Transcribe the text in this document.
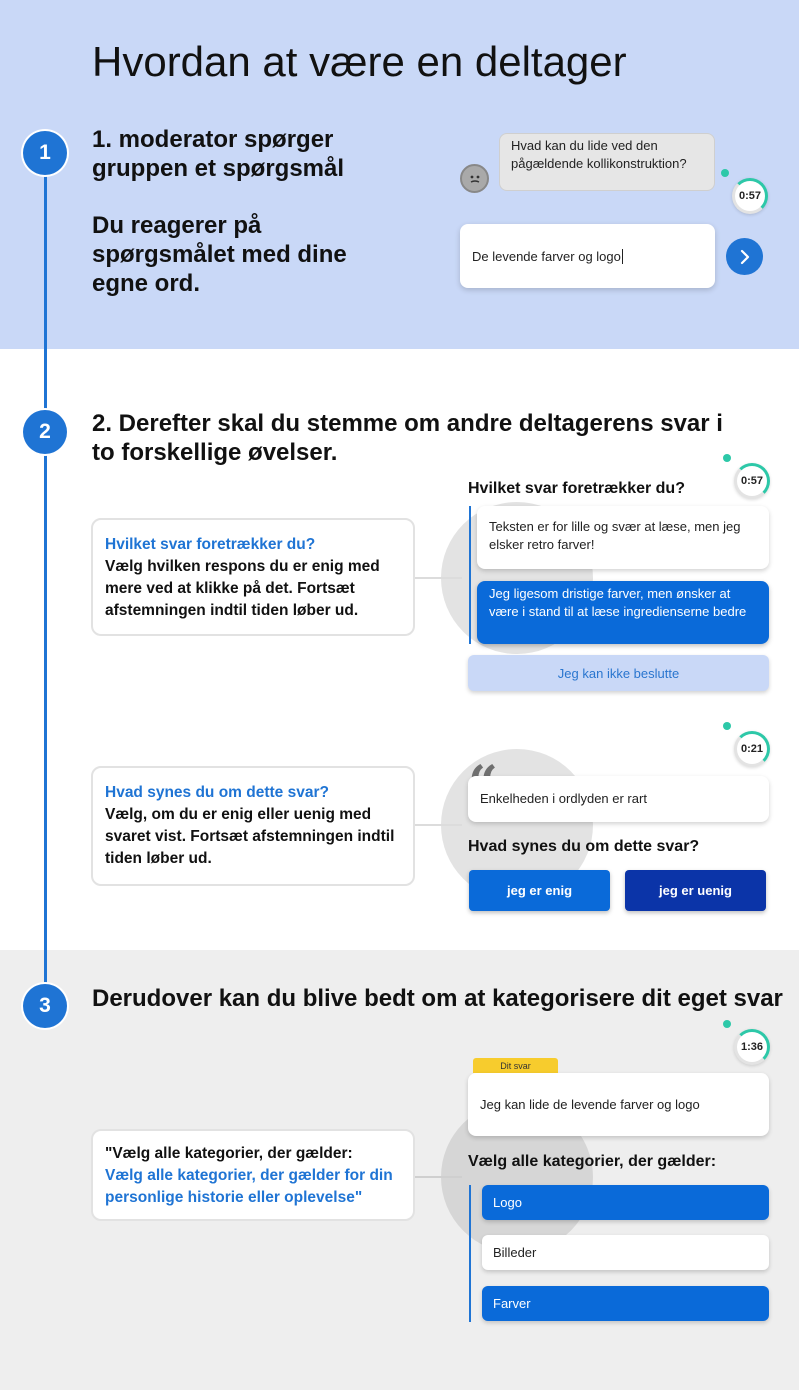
1
2
3
Hvordan at være en deltager
1. moderator spørger gruppen et spørgsmål
Du reagerer på spørgsmålet med dine egne ord.
Hvad kan du lide ved den pågældende kollikonstruktion?
0:57
De levende farver og logo
2. Derefter skal du stemme om andre deltagerens svar i to forskellige øvelser.
Hvilket svar foretrækker du?
Vælg hvilken respons du er enig med mere ved at klikke på det. Fortsæt afstemningen indtil tiden løber ud.
0:57
Hvilket svar foretrækker du?
Teksten er for lille og svær at læse, men jeg elsker retro farver!
Jeg ligesom dristige farver, men ønsker at være i stand til at læse ingredienserne bedre
Jeg kan ikke beslutte
Hvad synes du om dette svar?
Vælg, om du er enig eller uenig med svaret vist. Fortsæt afstemningen indtil tiden løber ud.
0:21
Enkelheden i ordlyden er rart
Hvad synes du om dette svar?
jeg er enig	jeg er uenig
Derudover kan du blive bedt om at kategorisere dit eget svar
"Vælg alle kategorier, der gælder:
Vælg alle kategorier, der gælder for din personlige historie eller oplevelse"
1:36
Dit svar
Jeg kan lide de levende farver og logo
Vælg alle kategorier, der gælder:
Logo
Billeder
Farver
